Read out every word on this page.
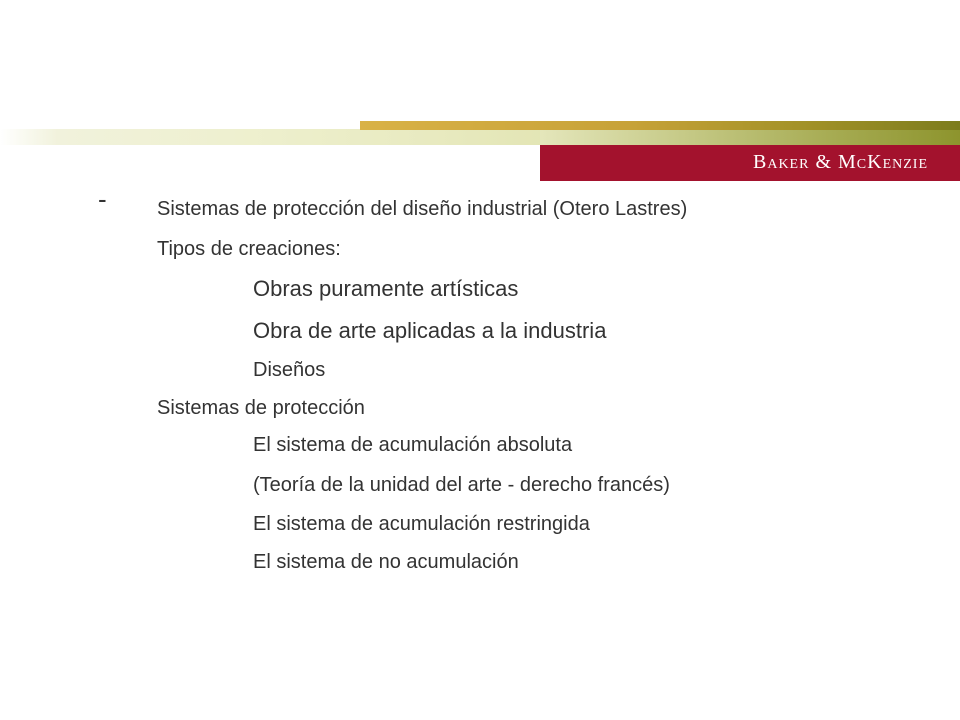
Baker & McKenzie
-	Sistemas de protección del diseño industrial (Otero Lastres)
Tipos de creaciones:
Obras puramente artísticas
Obra de arte aplicadas a la industria
Diseños
Sistemas de protección
El sistema de acumulación absoluta
(Teoría de la unidad del arte - derecho francés)
El sistema de acumulación restringida
El sistema de no acumulación
